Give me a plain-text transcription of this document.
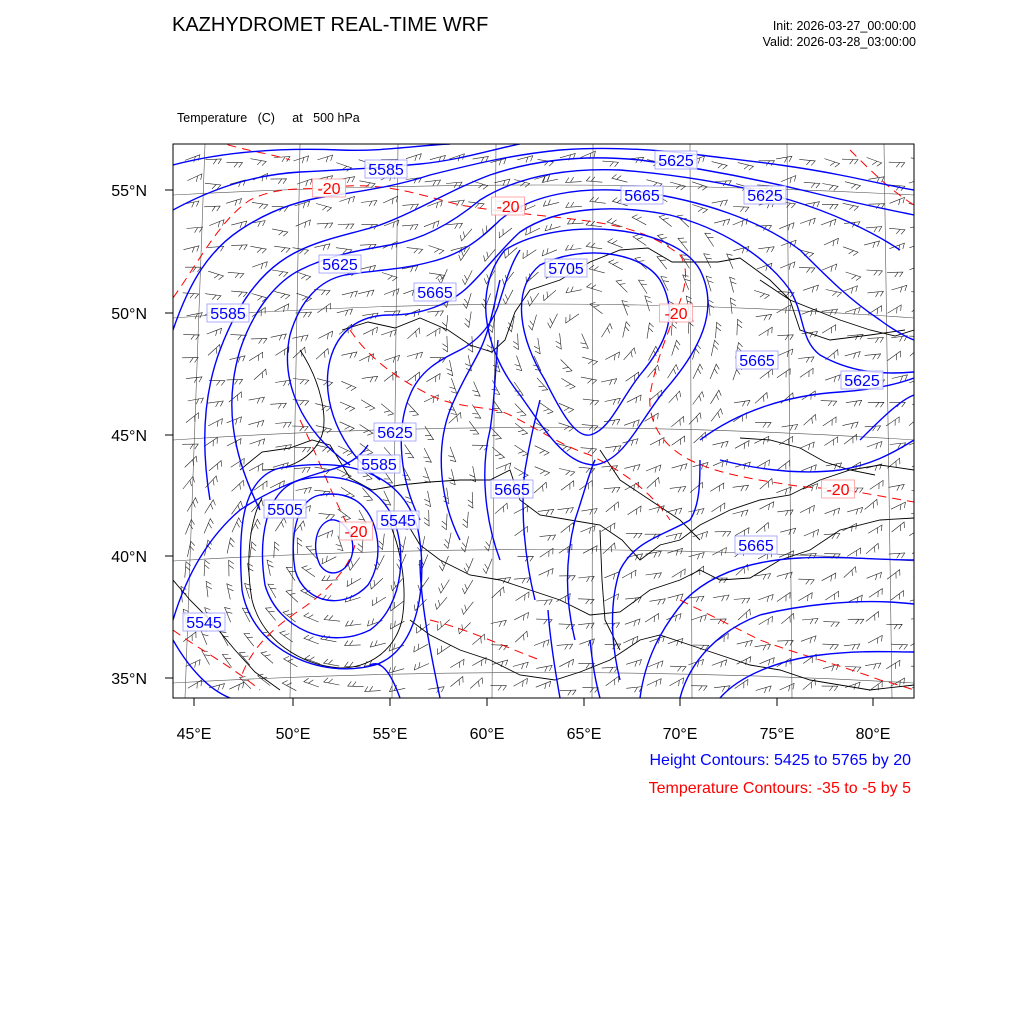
KAZHYDROMET REAL-TIME WRF	Init: 2026-03-27_00:00:00
Valid: 2026-03-28_03:00:00

Temperature   (C)     at   500 hPa

55°N
50°N
45°N
40°N
35°N
45°E	50°E	55°E	60°E	65°E	70°E	75°E	80°E
5625
5585
5665	5625
5625
5665
5705
5585
5665
5625
5625
5585
5665
5505
5545
5665
5545
-20
-20
-20
-20
-20
Height Contours: 5425 to 5765 by 20
Temperature Contours: -35 to -5 by 5
